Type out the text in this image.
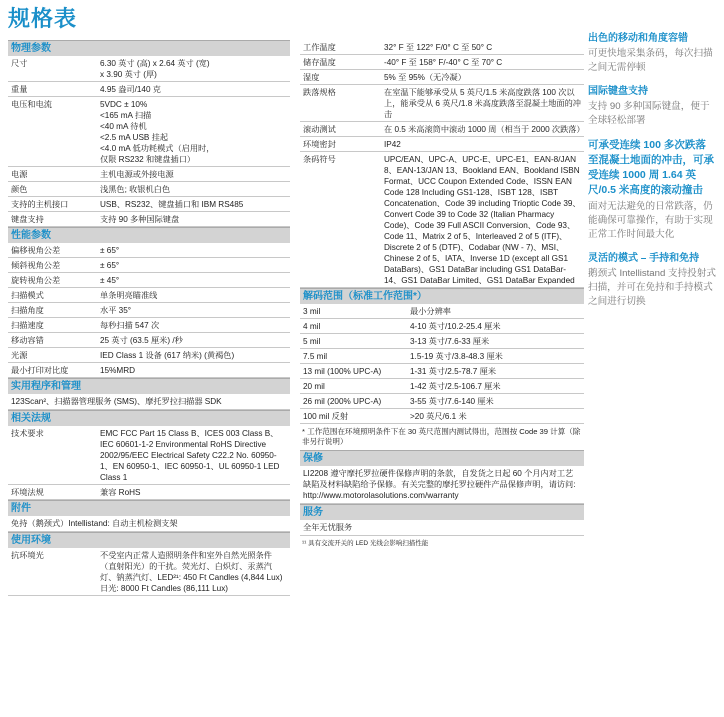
规格表
物理参数
尺寸	6.30 英寸 (高) x 2.64 英寸 (宽)
x 3.90 英寸 (厚)
重量	4.95 盎司/140 克
电压和电流	5VDC ± 10%
<165 mA 扫描
<40 mA 待机
<2.5 mA USB 挂起
<4.0 mA 低功耗模式（启用时，
仅限 RS232 和键盘插口）
电源	主机电源或外接电源
颜色	浅黑色; 收银机白色
支持的主机接口	USB、RS232、键盘插口和 IBM RS485
键盘支持	支持 90 多种国际键盘
性能参数
偏移视角公差	± 65°
倾斜视角公差	± 65°
旋转视角公差	± 45°
扫描模式	单条明亮瞄准线
扫描角度	水平 35°
扫描速度	每秒扫描 547 次
移动容错	25 英寸 (63.5 厘米) /秒
光源	IED Class 1 设备 (617 纳米) (黄褐色)
最小打印对比度	15%MRD
实用程序和管理
123Scan²、扫描器管理服务 (SMS)、摩托罗拉扫描器 SDK
相关法规
技术要求	EMC FCC Part 15 Class B、ICES 003 Class B、IEC 60601-1-2 Environmental RoHS Directive 2002/95/EEC Electrical Safety C22.2 No. 60950-1、EN 60950-1、IEC 60950-1、UL 60950-1 LED Class 1
环境法规	兼容 RoHS
附件
免持（鹅颈式）Intellistand: 自动主机检测支架
使用环境
抗环境光	不受室内正常人造照明条件和室外自然光照条件（直射阳光）的干扰。荧光灯、白炽灯、汞蒸汽灯、钠蒸汽灯、LED²¹: 450 Ft Candles (4,844 Lux) 日光: 8000 Ft Candles (86,111 Lux)
工作温度	32° F 至 122° F/0° C 至 50° C
储存温度	-40° F 至 158° F/-40° C 至 70° C
湿度	5% 至 95%（无冷凝）
跌落规格	在室温下能够承受从 5 英尺/1.5 米高度跌落 100 次以上，能承受从 6 英尺/1.8 米高度跌落至混凝土地面的冲击
滚动测试	在 0.5 米高滚筒中滚动 1000 周（相当于 2000 次跌落）
环境密封	IP42
条码符号	UPC/EAN、UPC-A、UPC-E、UPC-E1、EAN-8/JAN 8、EAN-13/JAN 13、Bookland EAN、Bookland ISBN Format、UCC Coupon Extended Code、ISSN EAN Code 128 Including GS1-128、ISBT 128、ISBT Concatenation、Code 39 including Trioptic Code 39、Convert Code 39 to Code 32 (Italian Pharmacy Code)、Code 39 Full ASCII Conversion、Code 93、Code 11、Matrix 2 of 5、Interleaved 2 of 5 (ITF)、Discrete 2 of 5 (DTF)、Codabar (NW - 7)、MSI、Chinese 2 of 5、IATA、Inverse 1D (except all GS1 DataBars)、GS1 DataBar including GS1 DataBar-14、GS1 DataBar Limited、GS1 DataBar Expanded
解码范围（标准工作范围*）
3 mil	最小分辨率
4 mil	4-10 英寸/10.2-25.4 厘米
5 mil	3-13 英寸/7.6-33 厘米
7.5 mil	1.5-19 英寸/3.8-48.3 厘米
13 mil (100% UPC-A)	1-31 英寸/2.5-78.7 厘米
20 mil	1-42 英寸/2.5-106.7 厘米
26 mil (200% UPC-A)	3-55 英寸/7.6-140 厘米
100 mil 反射	>20 英尺/6.1 米
* 工作范围在环境照明条件下在 30 英尺范围内测试得出，范围按 Code 39 计算（除非另行说明）
保修
LI2208 遵守摩托罗拉硬件保修声明的条款，自发货之日起 60 个月内对工艺缺陷及材料缺陷给予保修。有关完整的摩托罗拉硬件产品保修声明，请访问:
http://www.motorolasolutions.com/warranty
服务
全年无忧服务
¹¹ 具有交流开关的 LED 光线会影响扫描性能
出色的移动和角度容错
可更快地采集条码，每次扫描之间无需停顿
国际键盘支持
支持 90 多种国际键盘，便于全球轻松部署
可承受连续 100 多次跌落至混凝土地面的冲击，可承受连续 1000 周 1.64 英尺/0.5 米高度的滚动撞击
面对无法避免的日常跌落，仍能确保可靠操作，有助于实现正常工作时间最大化
灵活的模式 – 手持和免持
鹅颈式 Intellistand 支持投射式扫描，并可在免持和手持模式之间进行切换
